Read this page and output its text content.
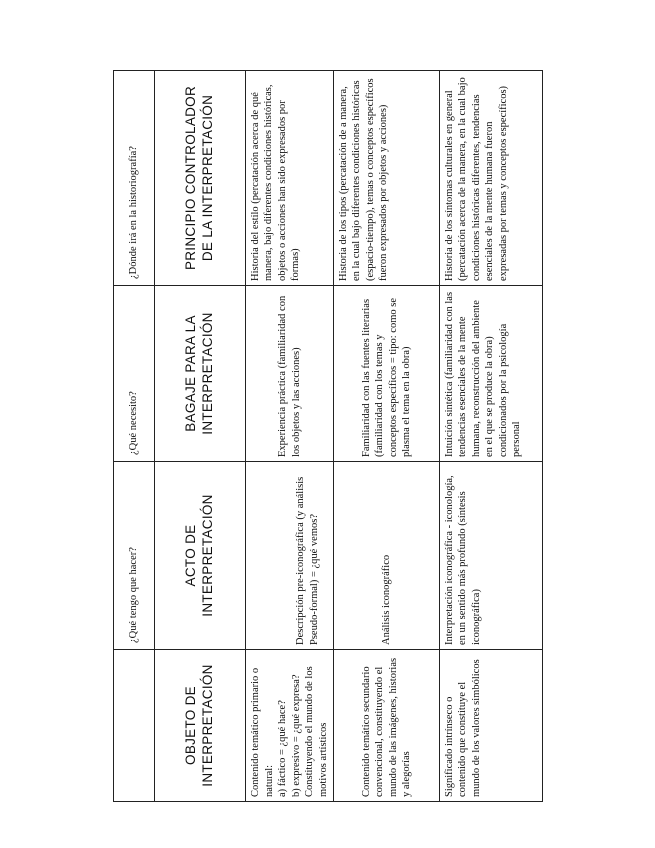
	¿Qué tengo que hacer?	¿Qué necesito?	¿Dónde irá en la historiografía?
OBJETO DE INTERPRETACIÓN	ACTO DE INTERPRETACIÓN	BAGAJE PARA LA INTERPRETACIÓN	PRINCIPIO CONTROLADOR DE LA INTERPRETACIÓN

Contenido temático primario o natural: a) fáctico = ¿qué hace? b) expresivo = ¿qué expresa? Constituyendo el mundo de los motivos artísticos	Descripción pre-iconográfica (y análisis Pseudo-formal) = ¿qué vemos?	Experiencia práctica (familiaridad con los objetos y las acciones)	Historia del estilo (percatación acerca de qué manera, bajo diferentes condiciones históricas, objetos o acciones han sido expresados por formas)

Contenido temático secundario convencional, constituyendo el mundo de las imágenes, historias y alegorías	Análisis iconográfico	Familiaridad con las fuentes literarias (familiaridad con los temas y conceptos específicos = tipo: como se plasma el tema en la obra)	Historia de los tipos (percatación de a manera, en la cual bajo diferentes condiciones históricas (espacio-tiempo), temas o conceptos específicos fueron expresados por objetos y acciones)

Significado intrínseco o contenido que constituye el mundo de los valores simbólicos	Interpretación iconográfica - iconología, en un sentido más profundo (síntesis iconográfica)	Intuición sintética (familiaridad con las tendencias esenciales de la mente humana, reconstrucción del ambiente en el que se produce la obra) condicionados por la psicología personal	Historia de los síntomas culturales en general (percatación acerca de la manera, en la cual bajo condiciones históricas diferentes, tendencias esenciales de la mente humana fueron expresadas por temas y conceptos específicos)
